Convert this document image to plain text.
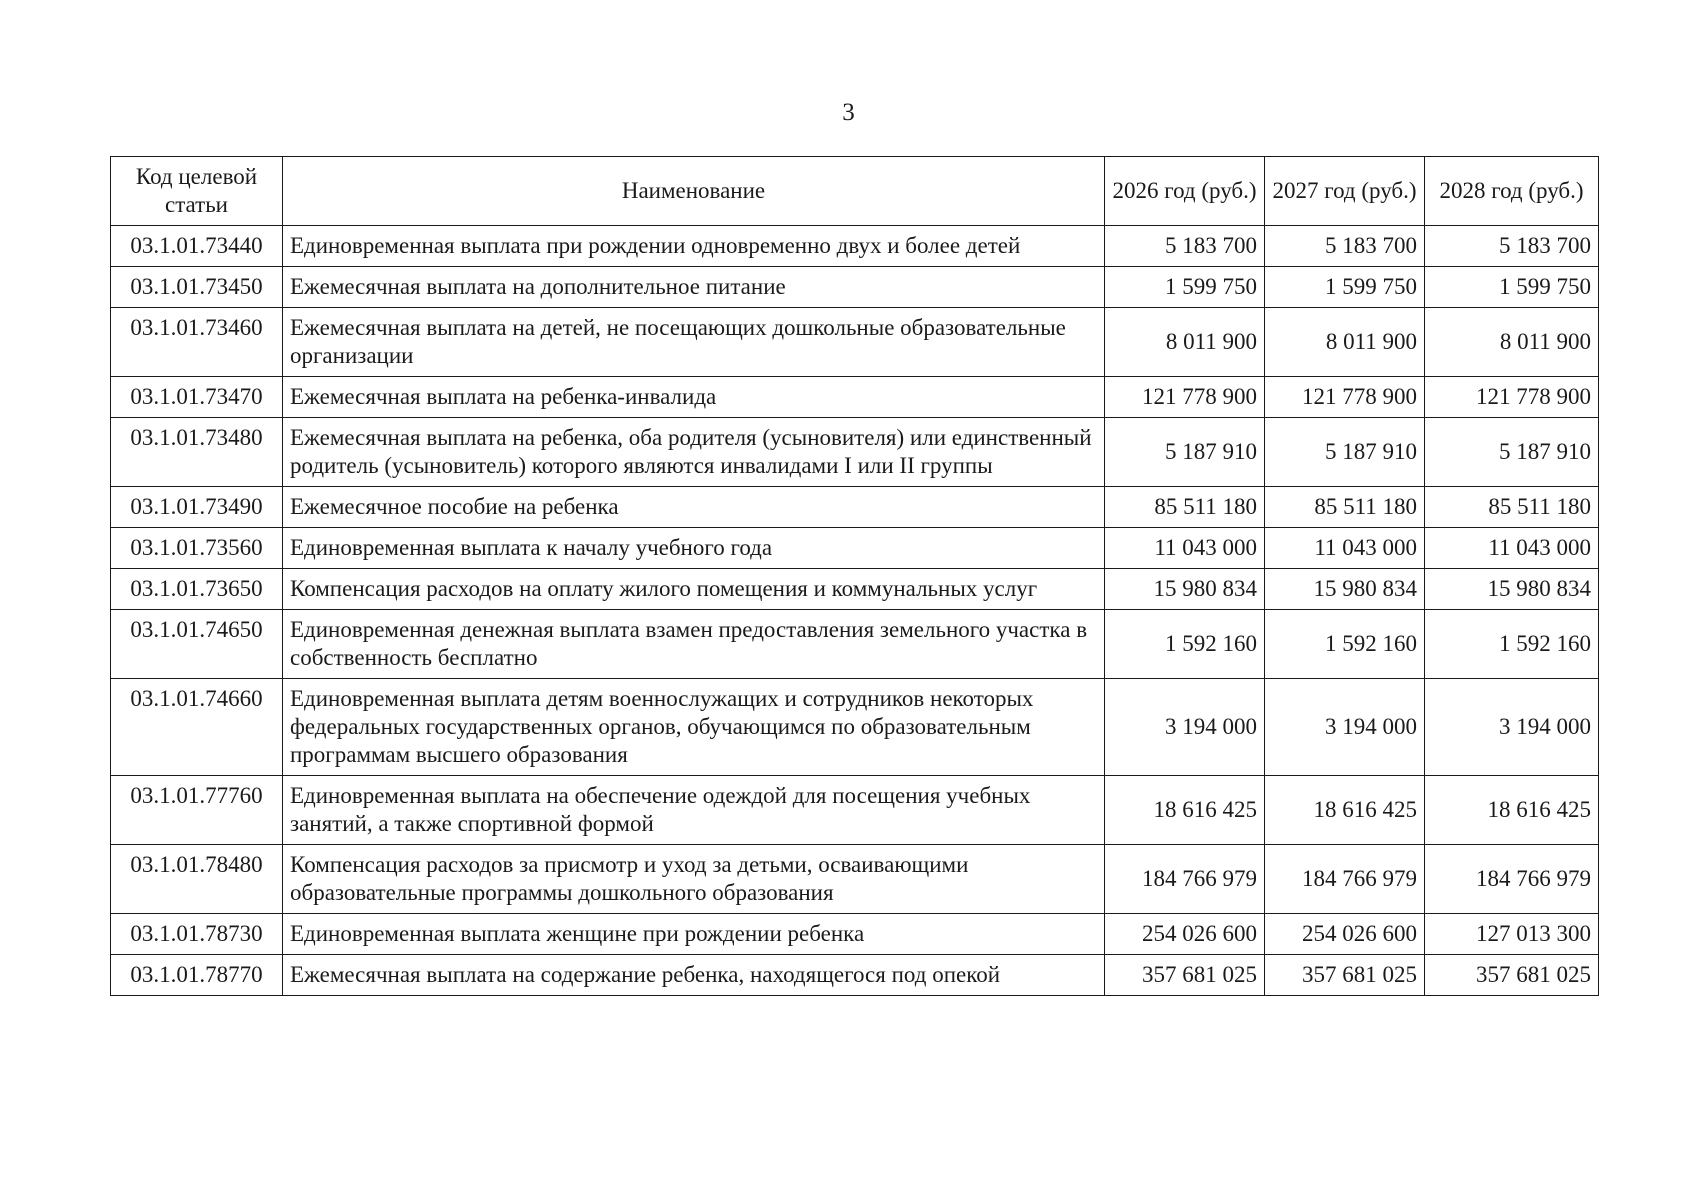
3
Код целевой статьи	Наименование	2026 год (руб.)	2027 год (руб.)	2028 год (руб.)
03.1.01.73440	Единовременная выплата при рождении одновременно двух и более детей	5 183 700	5 183 700	5 183 700
03.1.01.73450	Ежемесячная выплата на дополнительное питание	1 599 750	1 599 750	1 599 750
03.1.01.73460	Ежемесячная выплата на детей, не посещающих дошкольные образовательные организации	8 011 900	8 011 900	8 011 900
03.1.01.73470	Ежемесячная выплата на ребенка-инвалида	121 778 900	121 778 900	121 778 900
03.1.01.73480	Ежемесячная выплата на ребенка, оба родителя (усыновителя) или единственный родитель (усыновитель) которого являются инвалидами I или II группы	5 187 910	5 187 910	5 187 910
03.1.01.73490	Ежемесячное пособие на ребенка	85 511 180	85 511 180	85 511 180
03.1.01.73560	Единовременная выплата к началу учебного года	11 043 000	11 043 000	11 043 000
03.1.01.73650	Компенсация расходов на оплату жилого помещения и коммунальных услуг	15 980 834	15 980 834	15 980 834
03.1.01.74650	Единовременная денежная выплата взамен предоставления земельного участка в собственность бесплатно	1 592 160	1 592 160	1 592 160
03.1.01.74660	Единовременная выплата детям военнослужащих и сотрудников некоторых федеральных государственных органов, обучающимся по образовательным программам высшего образования	3 194 000	3 194 000	3 194 000
03.1.01.77760	Единовременная выплата на обеспечение одеждой для посещения учебных занятий, а также спортивной формой	18 616 425	18 616 425	18 616 425
03.1.01.78480	Компенсация расходов за присмотр и уход за детьми, осваивающими образовательные программы дошкольного образования	184 766 979	184 766 979	184 766 979
03.1.01.78730	Единовременная выплата женщине при рождении ребенка	254 026 600	254 026 600	127 013 300
03.1.01.78770	Ежемесячная выплата на содержание ребенка, находящегося под опекой	357 681 025	357 681 025	357 681 025
